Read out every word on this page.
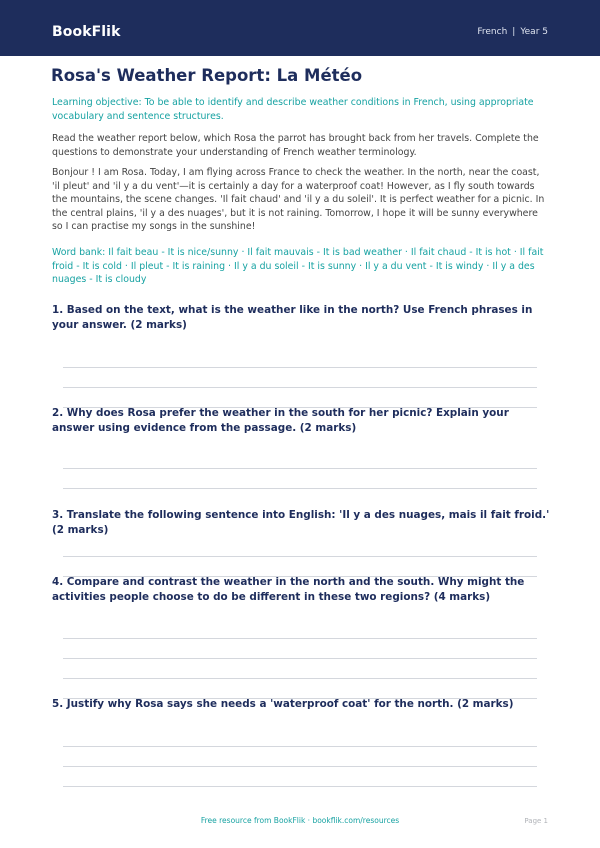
BookFlik	French | Year 5
Rosa's Weather Report: La Météo

Learning objective: To be able to identify and describe weather conditions in French, using appropriate vocabulary and sentence structures.

Read the weather report below, which Rosa the parrot has brought back from her travels. Complete the questions to demonstrate your understanding of French weather terminology.

Bonjour ! I am Rosa. Today, I am flying across France to check the weather. In the north, near the coast, 'il pleut' and 'il y a du vent'—it is certainly a day for a waterproof coat! However, as I fly south towards the mountains, the scene changes. 'Il fait chaud' and 'il y a du soleil'. It is perfect weather for a picnic. In the central plains, 'il y a des nuages', but it is not raining. Tomorrow, I hope it will be sunny everywhere so I can practise my songs in the sunshine!

Word bank: Il fait beau - It is nice/sunny · Il fait mauvais - It is bad weather · Il fait chaud - It is hot · Il fait froid - It is cold · Il pleut - It is raining · Il y a du soleil - It is sunny · Il y a du vent - It is windy · Il y a des nuages - It is cloudy

1. Based on the text, what is the weather like in the north? Use French phrases in your answer. (2 marks)
2. Why does Rosa prefer the weather in the south for her picnic? Explain your answer using evidence from the passage. (2 marks)
3. Translate the following sentence into English: 'Il y a des nuages, mais il fait froid.' (2 marks)
4. Compare and contrast the weather in the north and the south. Why might the activities people choose to do be different in these two regions? (4 marks)
5. Justify why Rosa says she needs a 'waterproof coat' for the north. (2 marks)
Free resource from BookFlik · bookflik.com/resources	Page 1
